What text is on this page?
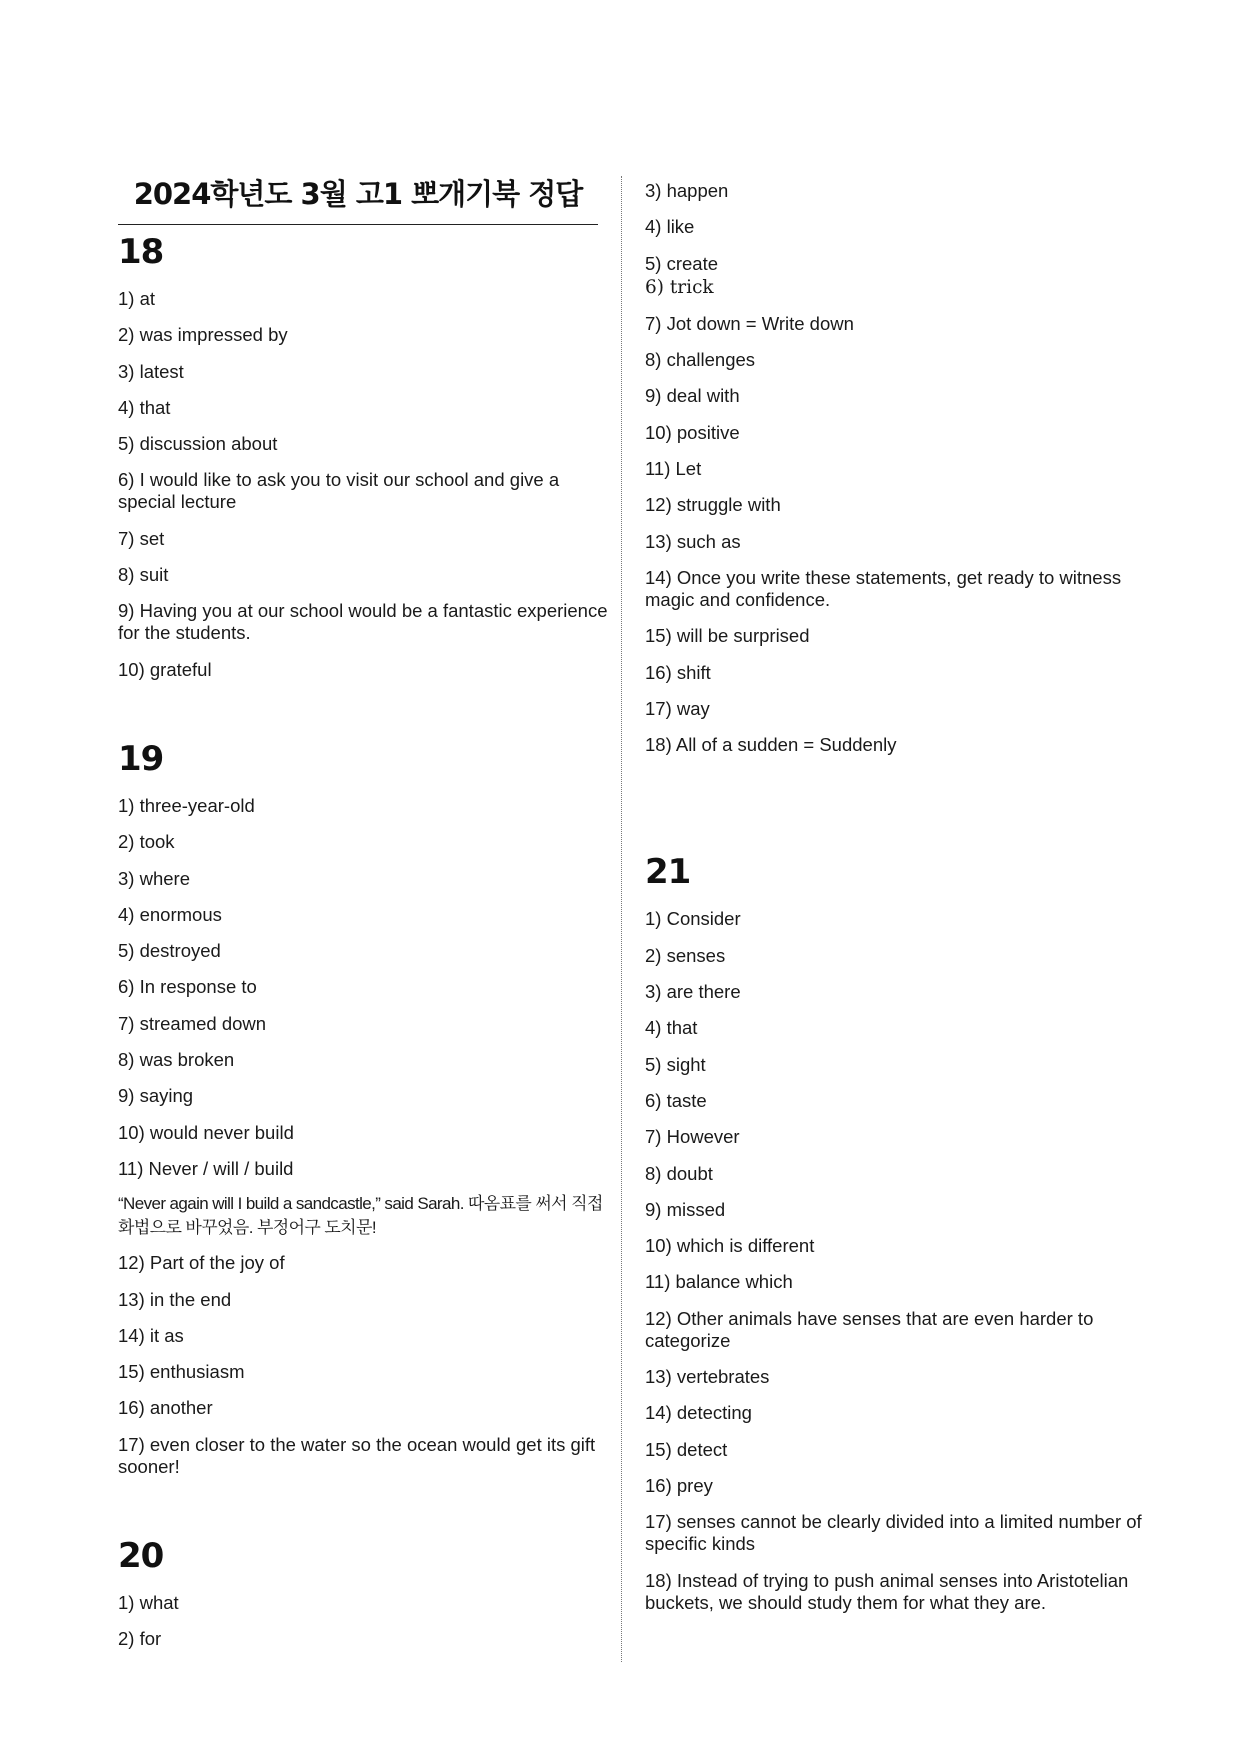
2024학년도 3월 고1 뽀개기북 정답
18
1) at
2) was impressed by
3) latest
4) that
5) discussion about
6) I would like to ask you to visit our school and give a special lecture
7) set
8) suit
9) Having you at our school would be a fantastic experience for the students.
10) grateful
19
1) three-year-old
2) took
3) where
4) enormous
5) destroyed
6) In response to
7) streamed down
8) was broken
9) saying
10) would never build
11) Never / will / build
“Never again will I build a sandcastle,” said Sarah. 따옴표를 써서 직접화법으로 바꾸었음. 부정어구 도치문!
12) Part of the joy of
13) in the end
14) it as
15) enthusiasm
16) another
17) even closer to the water so the ocean would get its gift sooner!
20
1) what
2) for
3) happen
4) like
5) create
6) trick
7) Jot down = Write down
8) challenges
9) deal with
10) positive
11) Let
12) struggle with
13) such as
14) Once you write these statements, get ready to witness magic and confidence.
15) will be surprised
16) shift
17) way
18) All of a sudden = Suddenly
21
1) Consider
2) senses
3) are there
4) that
5) sight
6) taste
7) However
8) doubt
9) missed
10) which is different
11) balance which
12) Other animals have senses that are even harder to categorize
13) vertebrates
14) detecting
15) detect
16) prey
17) senses cannot be clearly divided into a limited number of specific kinds
18) Instead of trying to push animal senses into Aristotelian buckets, we should study them for what they are.
